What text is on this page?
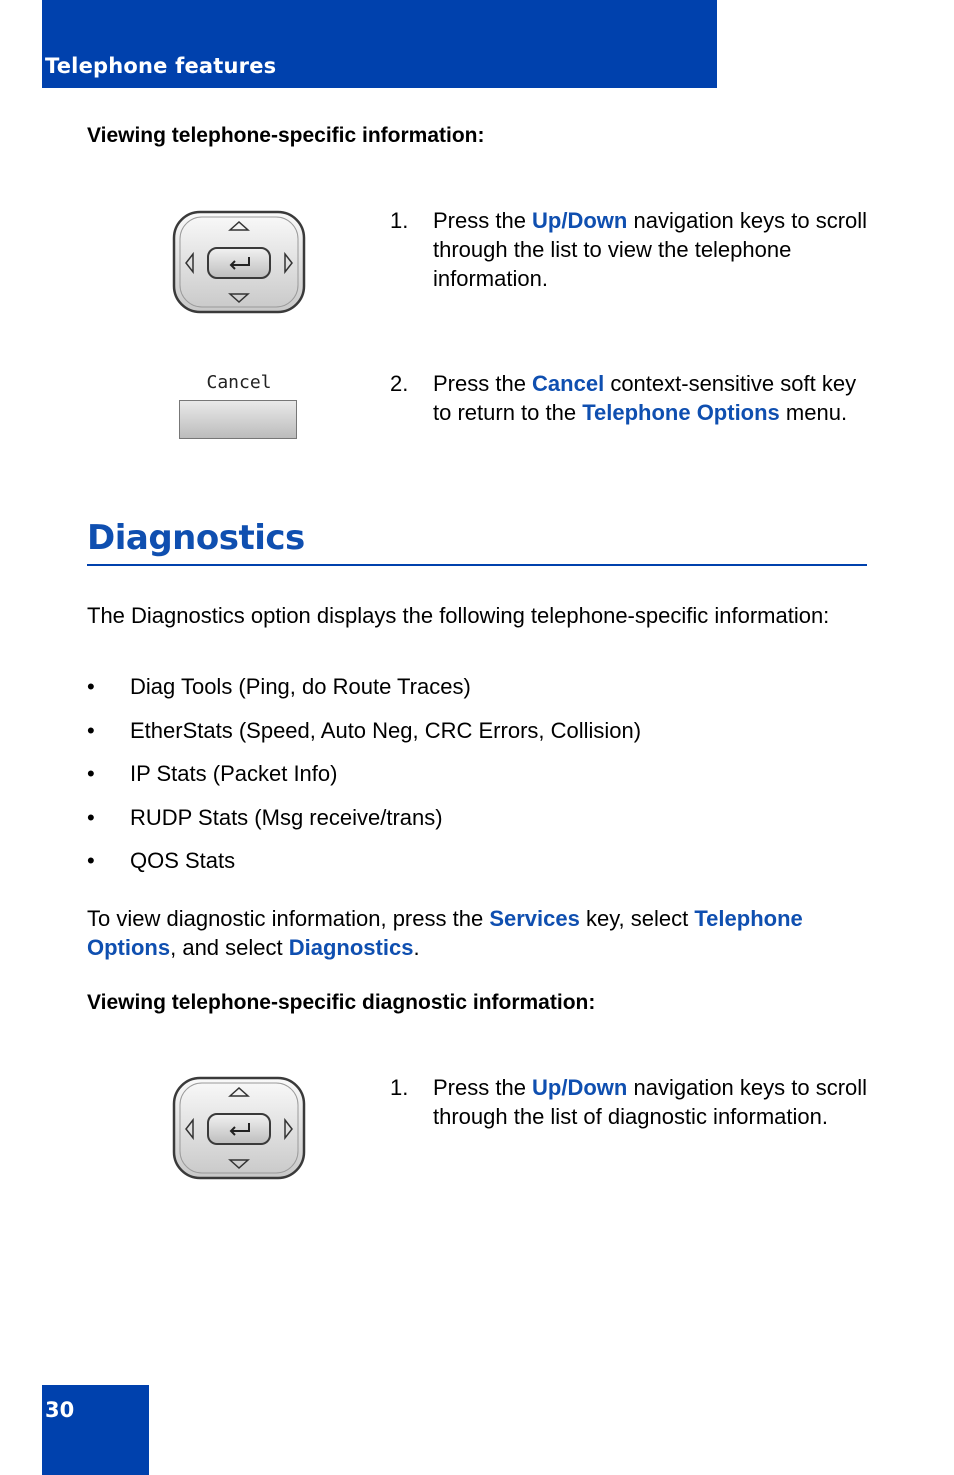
Telephone features
Viewing telephone-specific information:
1. Press the Up/Down navigation keys to scroll through the list to view the telephone information.
Cancel	2. Press the Cancel context-sensitive soft key to return to the Telephone Options menu.
Diagnostics
The Diagnostics option displays the following telephone-specific information:
• Diag Tools (Ping, do Route Traces)
• EtherStats (Speed, Auto Neg, CRC Errors, Collision)
• IP Stats (Packet Info)
• RUDP Stats (Msg receive/trans)
• QOS Stats
To view diagnostic information, press the Services key, select Telephone Options, and select Diagnostics.
Viewing telephone-specific diagnostic information:
1. Press the Up/Down navigation keys to scroll through the list of diagnostic information.
30
